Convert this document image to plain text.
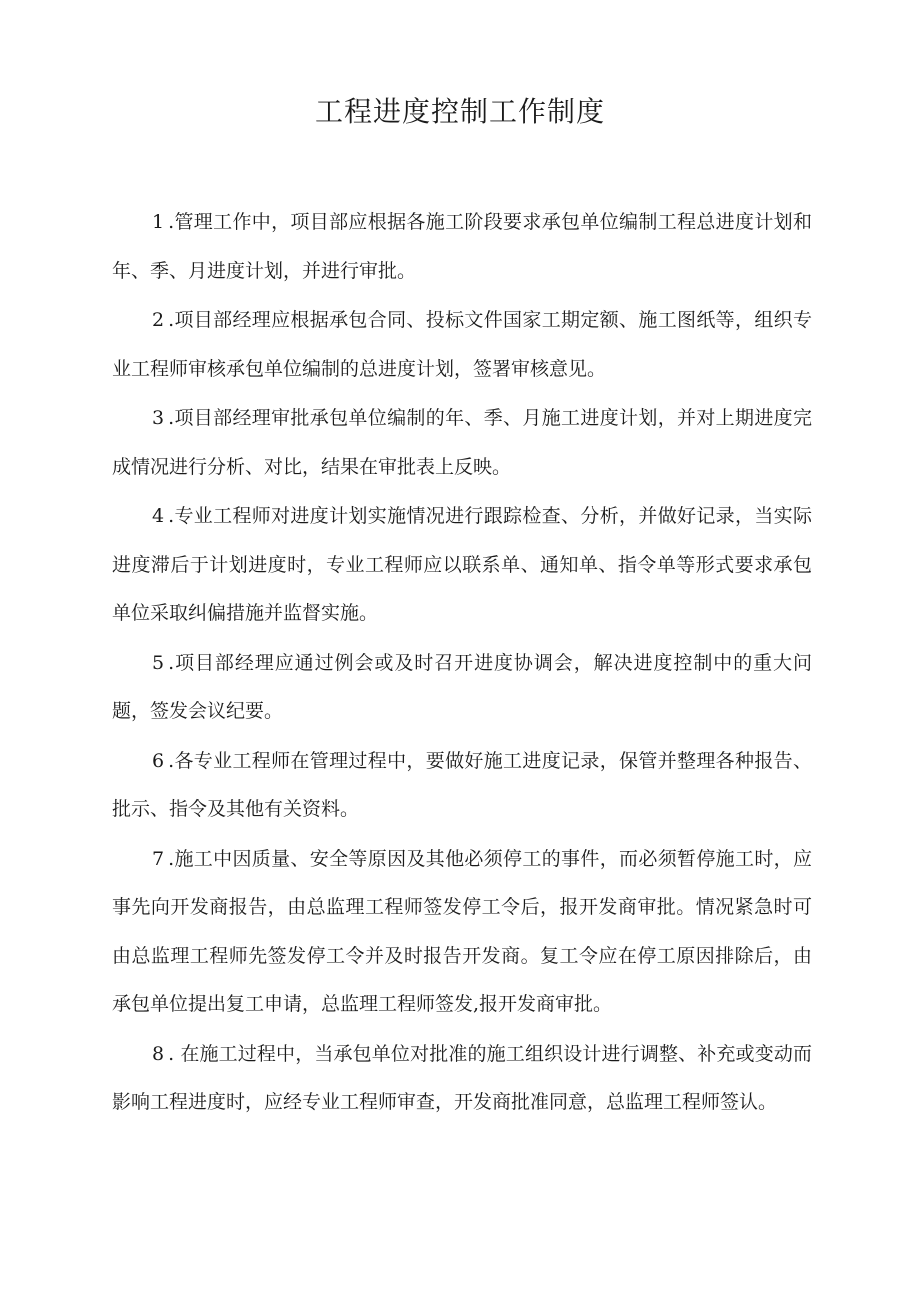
工程进度控制工作制度

1 .管理工作中，项目部应根据各施工阶段要求承包单位编制工程总进度计划和年、季、月进度计划，并进行审批。

2 .项目部经理应根据承包合同、投标文件国家工期定额、施工图纸等，组织专业工程师审核承包单位编制的总进度计划，签署审核意见。

3 .项目部经理审批承包单位编制的年、季、月施工进度计划，并对上期进度完成情况进行分析、对比，结果在审批表上反映。

4 .专业工程师对进度计划实施情况进行跟踪检查、分析，并做好记录，当实际进度滞后于计划进度时，专业工程师应以联系单、通知单、指令单等形式要求承包单位采取纠偏措施并监督实施。

5 .项目部经理应通过例会或及时召开进度协调会，解决进度控制中的重大问题，签发会议纪要。

6 .各专业工程师在管理过程中，要做好施工进度记录，保管并整理各种报告、批示、指令及其他有关资料。

7 .施工中因质量、安全等原因及其他必须停工的事件，而必须暂停施工时，应事先向开发商报告，由总监理工程师签发停工令后，报开发商审批。情况紧急时可由总监理工程师先签发停工令并及时报告开发商。复工令应在停工原因排除后，由承包单位提出复工申请，总监理工程师签发,报开发商审批。

8 . 在施工过程中，当承包单位对批准的施工组织设计进行调整、补充或变动而影响工程进度时，应经专业工程师审查，开发商批准同意，总监理工程师签认。
